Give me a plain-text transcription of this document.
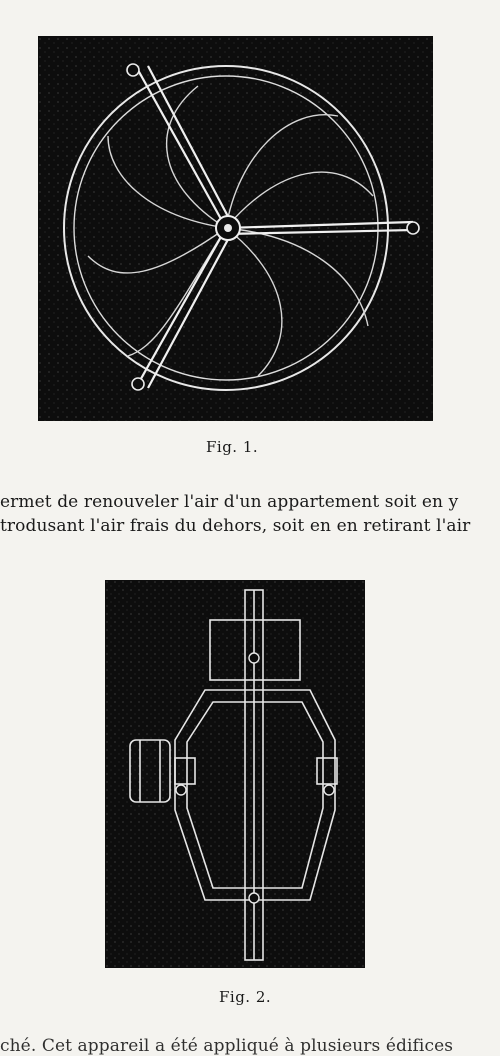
Fig. 1.
ermet de renouveler l'air d'un appartement soit en y
trodusant l'air frais du dehors, soit en en retirant l'air
Fig. 2.
ché. Cet appareil a été appliqué à plusieurs édifices
